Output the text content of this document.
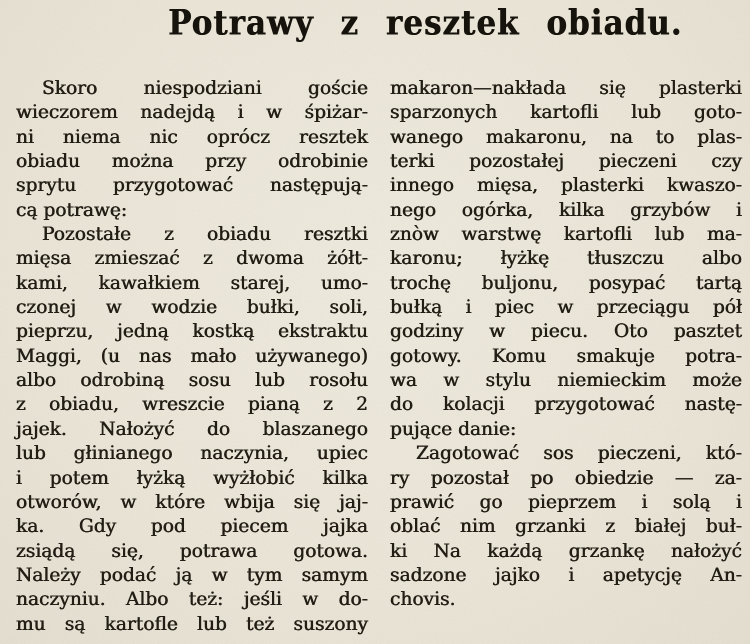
Potrawy z resztek obiadu.
Skoro niespodziani goście
wieczorem nadejdą i w śpiżar-
ni niema nic oprócz resztek
obiadu można przy odrobinie
sprytu przygotować następują-
cą potrawę:
Pozostałe z obiadu resztki
mięsa zmieszać z dwoma żółt-
kami, kawałkiem starej, umo-
czonej w wodzie bułki, soli,
pieprzu, jedną kostką ekstraktu
Maggi, (u nas mało używanego)
albo odrobiną sosu lub rosołu
z obiadu, wreszcie pianą z 2
jajek. Nałożyć do blaszanego
lub głinianego naczynia, upiec
i potem łyżką wyżłobić kilka
otworów, w które wbija się jaj-
ka. Gdy pod piecem jajka
zsiądą się, potrawa gotowa.
Należy podać ją w tym samym
naczyniu. Albo też: jeśli w do-
mu są kartofle lub też suszony
makaron—nakłada się plasterki
sparzonych kartofli lub goto-
wanego makaronu, na to plas-
terki pozostałej pieczeni czy
innego mięsa, plasterki kwaszo-
nego ogórka, kilka grzybów i
znòw warstwę kartofli lub ma-
karonu; łyżkę tłuszczu albo
trochę buljonu, posypać tartą
bułką i piec w przeciągu pół
godziny w piecu. Oto pasztet
gotowy. Komu smakuje potra-
wa w stylu niemieckim może
do kolacji przygotować nastę-
pujące danie:
Zagotować sos pieczeni, któ-
ry pozostał po obiedzie — za-
prawić go pieprzem i solą i
oblać nim grzanki z białej buł-
ki Na każdą grzankę nałożyć
sadzone jajko i apetycję An-
chovis.
